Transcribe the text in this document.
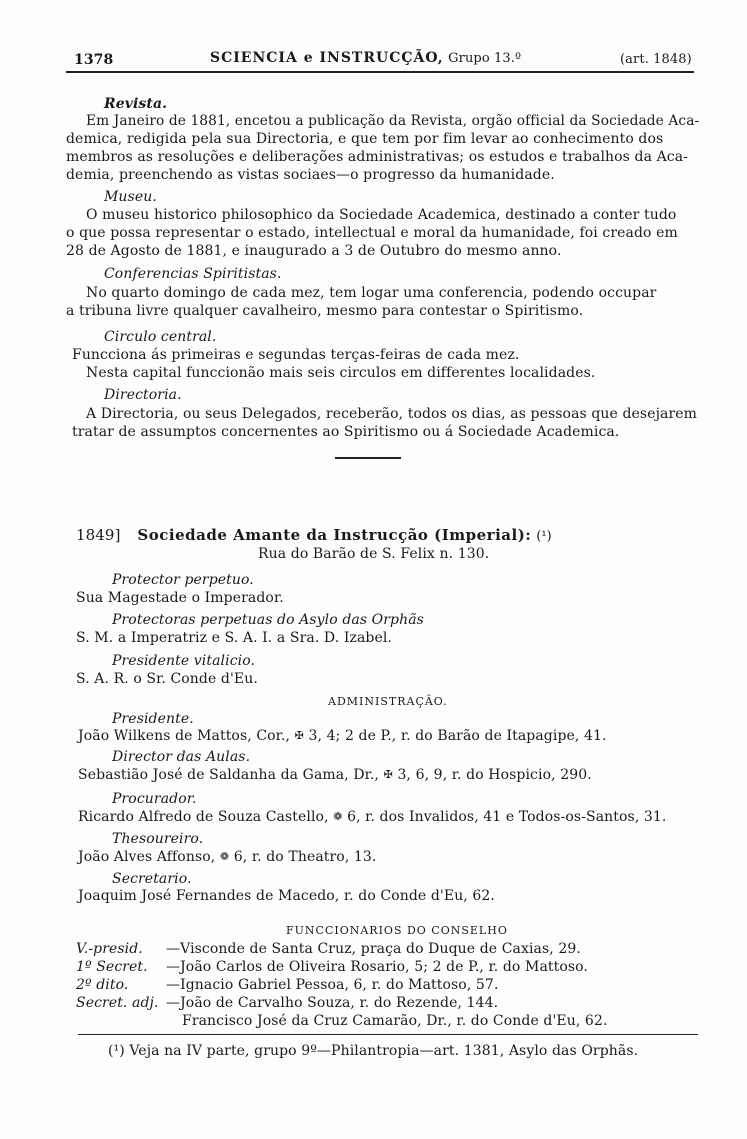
1378	SCIENCIA e INSTRUCÇÃO, Grupo 13.º	(art. 1848)
Revista.
Em Janeiro de 1881, encetou a publicação da Revista, orgão official da Sociedade Aca-
demica, redigida pela sua Directoria, e que tem por fim levar ao conhecimento dos
membros as resoluções e deliberações administrativas; os estudos e trabalhos da Aca-
demia, preenchendo as vistas sociaes—o progresso da humanidade.
Museu.
O museu historico philosophico da Sociedade Academica, destinado a conter tudo
o que possa representar o estado, intellectual e moral da humanidade, foi creado em
28 de Agosto de 1881, e inaugurado a 3 de Outubro do mesmo anno.
Conferencias Spiritistas.
No quarto domingo de cada mez, tem logar uma conferencia, podendo occupar
a tribuna livre qualquer cavalheiro, mesmo para contestar o Spiritismo.
Circulo central.
Funcciona ás primeiras e segundas terças-feiras de cada mez.
Nesta capital funccionão mais seis circulos em differentes localidades.
Directoria.
A Directoria, ou seus Delegados, receberão, todos os dias, as pessoas que desejarem
tratar de assumptos concernentes ao Spiritismo ou á Sociedade Academica.
1849] Sociedade Amante da Instrucção (Imperial): (¹)
Rua do Barão de S. Felix n. 130.
Protector perpetuo.
Sua Magestade o Imperador.
Protectoras perpetuas do Asylo das Orphãs
S. M. a Imperatriz e S. A. I. a Sra. D. Izabel.
Presidente vitalicio.
S. A. R. o Sr. Conde d'Eu.
ADMINISTRAÇÃO.
Presidente.
João Wilkens de Mattos, Cor., ✠ 3, 4; 2 de P., r. do Barão de Itapagipe, 41.
Director das Aulas.
Sebastião José de Saldanha da Gama, Dr., ✠ 3, 6, 9, r. do Hospicio, 290.
Procurador.
Ricardo Alfredo de Souza Castello, ❁ 6, r. dos Invalidos, 41 e Todos-os-Santos, 31.
Thesoureiro.
João Alves Affonso, ❁ 6, r. do Theatro, 13.
Secretario.
Joaquim José Fernandes de Macedo, r. do Conde d'Eu, 62.
FUNCCIONARIOS DO CONSELHO
V.-presid. —Visconde de Santa Cruz, praça do Duque de Caxias, 29.
1º Secret. —João Carlos de Oliveira Rosario, 5; 2 de P., r. do Mattoso.
2º dito.	—Ignacio Gabriel Pessoa, 6, r. do Mattoso, 57.
Secret. adj. —João de Carvalho Souza, r. do Rezende, 144.
Francisco José da Cruz Camarão, Dr., r. do Conde d'Eu, 62.
(¹) Veja na IV parte, grupo 9º—Philantropia—art. 1381, Asylo das Orphãs.
